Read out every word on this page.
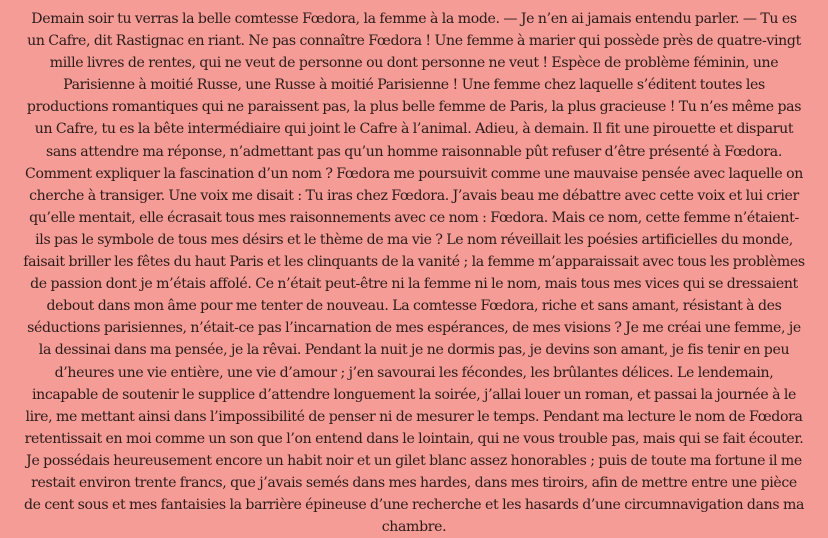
Demain soir tu verras la belle comtesse Fœdora, la femme à la mode. — Je n’en ai jamais entendu parler. — Tu es un Cafre, dit Rastignac en riant. Ne pas connaître Fœdora ! Une femme à marier qui possède près de quatre-vingt mille livres de rentes, qui ne veut de personne ou dont personne ne veut ! Espèce de problème féminin, une Parisienne à moitié Russe, une Russe à moitié Parisienne ! Une femme chez laquelle s’éditent toutes les productions romantiques qui ne paraissent pas, la plus belle femme de Paris, la plus gracieuse ! Tu n’es même pas un Cafre, tu es la bête intermédiaire qui joint le Cafre à l’animal. Adieu, à demain. Il fit une pirouette et disparut sans attendre ma réponse, n’admettant pas qu’un homme raisonnable pût refuser d’être présenté à Fœdora. Comment expliquer la fascination d’un nom ? Fœdora me poursuivit comme une mauvaise pensée avec laquelle on cherche à transiger. Une voix me disait : Tu iras chez Fœdora. J’avais beau me débattre avec cette voix et lui crier qu’elle mentait, elle écrasait tous mes raisonnements avec ce nom : Fœdora. Mais ce nom, cette femme n’étaient-ils pas le symbole de tous mes désirs et le thème de ma vie ? Le nom réveillait les poésies artificielles du monde, faisait briller les fêtes du haut Paris et les clinquants de la vanité ; la femme m’apparaissait avec tous les problèmes de passion dont je m’étais affolé. Ce n’était peut-être ni la femme ni le nom, mais tous mes vices qui se dressaient debout dans mon âme pour me tenter de nouveau. La comtesse Fœdora, riche et sans amant, résistant à des séductions parisiennes, n’était-ce pas l’incarnation de mes espérances, de mes visions ? Je me créai une femme, je la dessinai dans ma pensée, je la rêvai. Pendant la nuit je ne dormis pas, je devins son amant, je fis tenir en peu d’heures une vie entière, une vie d’amour ; j’en savourai les fécondes, les brûlantes délices. Le lendemain, incapable de soutenir le supplice d’attendre longuement la soirée, j’allai louer un roman, et passai la journée à le lire, me mettant ainsi dans l’impossibilité de penser ni de mesurer le temps. Pendant ma lecture le nom de Fœdora retentissait en moi comme un son que l’on entend dans le lointain, qui ne vous trouble pas, mais qui se fait écouter. Je possédais heureusement encore un habit noir et un gilet blanc assez honorables ; puis de toute ma fortune il me restait environ trente francs, que j’avais semés dans mes hardes, dans mes tiroirs, afin de mettre entre une pièce de cent sous et mes fantaisies la barrière épineuse d’une recherche et les hasards d’une circumnavigation dans ma chambre.
